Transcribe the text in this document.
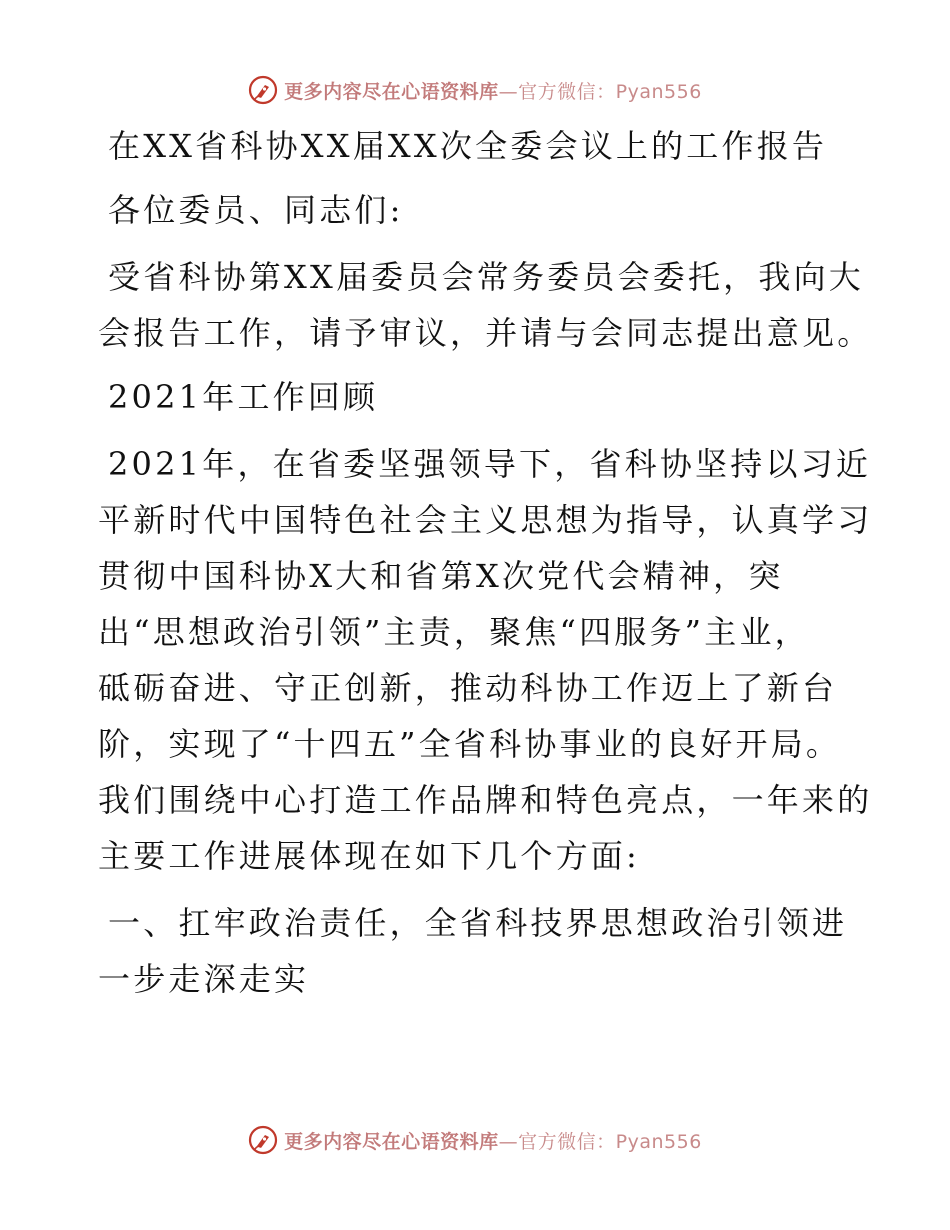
更多内容尽在心语资料库—官方微信：Pyan556

在XX省科协XX届XX次全委会议上的工作报告

各位委员、同志们:

受省科协第XX届委员会常务委员会委托，我向大

会报告工作，请予审议，并请与会同志提出意见。

2021年工作回顾

2021年，在省委坚强领导下，省科协坚持以习近

平新时代中国特色社会主义思想为指导，认真学习

贯彻中国科协X大和省第X次党代会精神，突

出“思想政治引领”主责，聚焦“四服务”主业，

砥砺奋进、守正创新，推动科协工作迈上了新台

阶，实现了“十四五”全省科协事业的良好开局。

我们围绕中心打造工作品牌和特色亮点，一年来的

主要工作进展体现在如下几个方面:

一、扛牢政治责任，全省科技界思想政治引领进

一步走深走实

更多内容尽在心语资料库—官方微信：Pyan556
